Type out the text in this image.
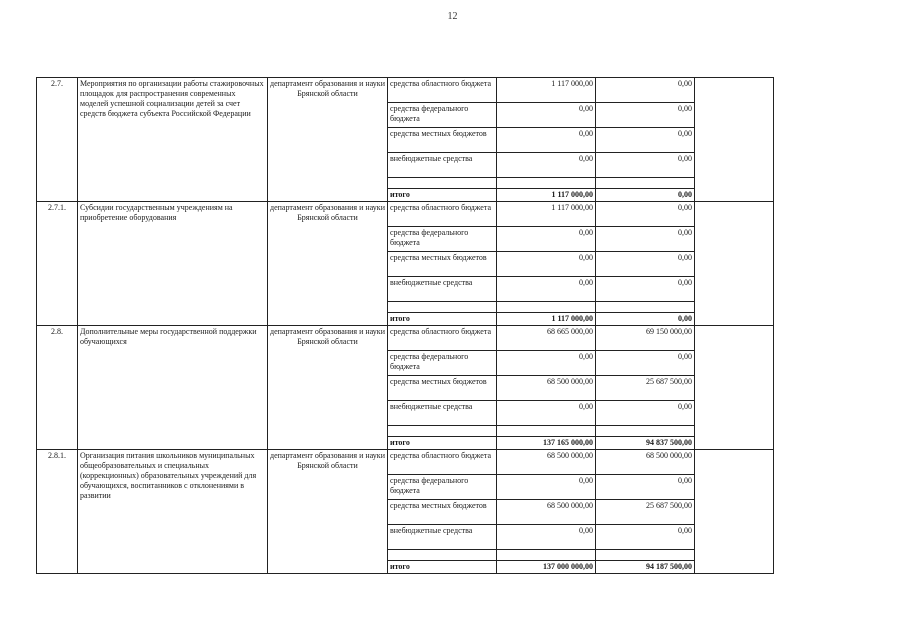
12
2.7.	Мероприятия по организации работы стажировочных площадок для распространения современных моделей успешной социализации детей за счет средств бюджета субъекта Российской Федерации	департамент образования и науки Брянской области	средства областного бюджета	1 117 000,00	0,00	
			средства федерального бюджета	0,00	0,00	
			средства местных бюджетов	0,00	0,00	
			внебюджетные средства	0,00	0,00	

			итого	1 117 000,00	0,00	
2.7.1.	Субсидии государственным учреждениям на приобретение оборудования	департамент образования и науки Брянской области	средства областного бюджета	1 117 000,00	0,00	
			средства федерального бюджета	0,00	0,00	
			средства местных бюджетов	0,00	0,00	
			внебюджетные средства	0,00	0,00	

			итого	1 117 000,00	0,00	
2.8.	Дополнительные меры государственной поддержки обучающихся	департамент образования и науки Брянской области	средства областного бюджета	68 665 000,00	69 150 000,00	
			средства федерального бюджета	0,00	0,00	
			средства местных бюджетов	68 500 000,00	25 687 500,00	
			внебюджетные средства	0,00	0,00	

			итого	137 165 000,00	94 837 500,00	
2.8.1.	Организация питания школьников муниципальных общеобразовательных и специальных (коррекционных) образовательных учреждений для обучающихся, воспитанников с отклонениями в развитии	департамент образования и науки Брянской области	средства областного бюджета	68 500 000,00	68 500 000,00	
			средства федерального бюджета	0,00	0,00	
			средства местных бюджетов	68 500 000,00	25 687 500,00	
			внебюджетные средства	0,00	0,00	

			итого	137 000 000,00	94 187 500,00	
